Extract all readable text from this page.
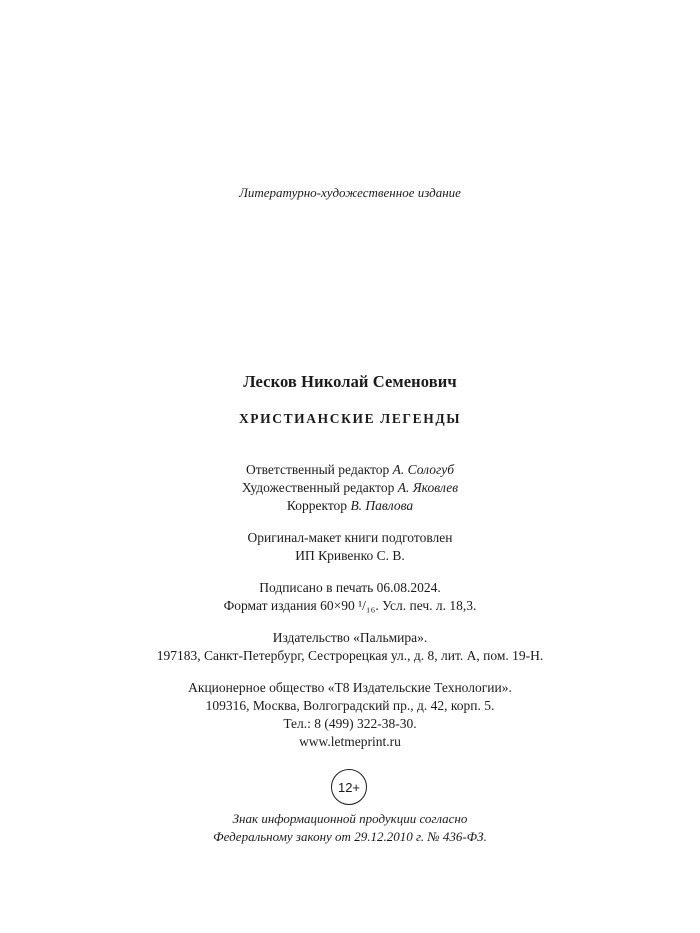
Литературно-художественное издание
Лесков Николай Семенович
ХРИСТИАНСКИЕ ЛЕГЕНДЫ
Ответственный редактор А. Сологуб
Художественный редактор А. Яковлев
Корректор В. Павлова
Оригинал-макет книги подготовлен
ИП Кривенко С. В.
Подписано в печать 06.08.2024.
Формат издания 60×90 ¹/₁₆. Усл. печ. л. 18,3.
Издательство «Пальмира».
197183, Санкт-Петербург, Сестрорецкая ул., д. 8, лит. А, пом. 19-Н.
Акционерное общество «Т8 Издательские Технологии».
109316, Москва, Волгоградский пр., д. 42, корп. 5.
Тел.: 8 (499) 322-38-30.
www.letmeprint.ru
12+
Знак информационной продукции согласно
Федеральному закону от 29.12.2010 г. № 436-ФЗ.
